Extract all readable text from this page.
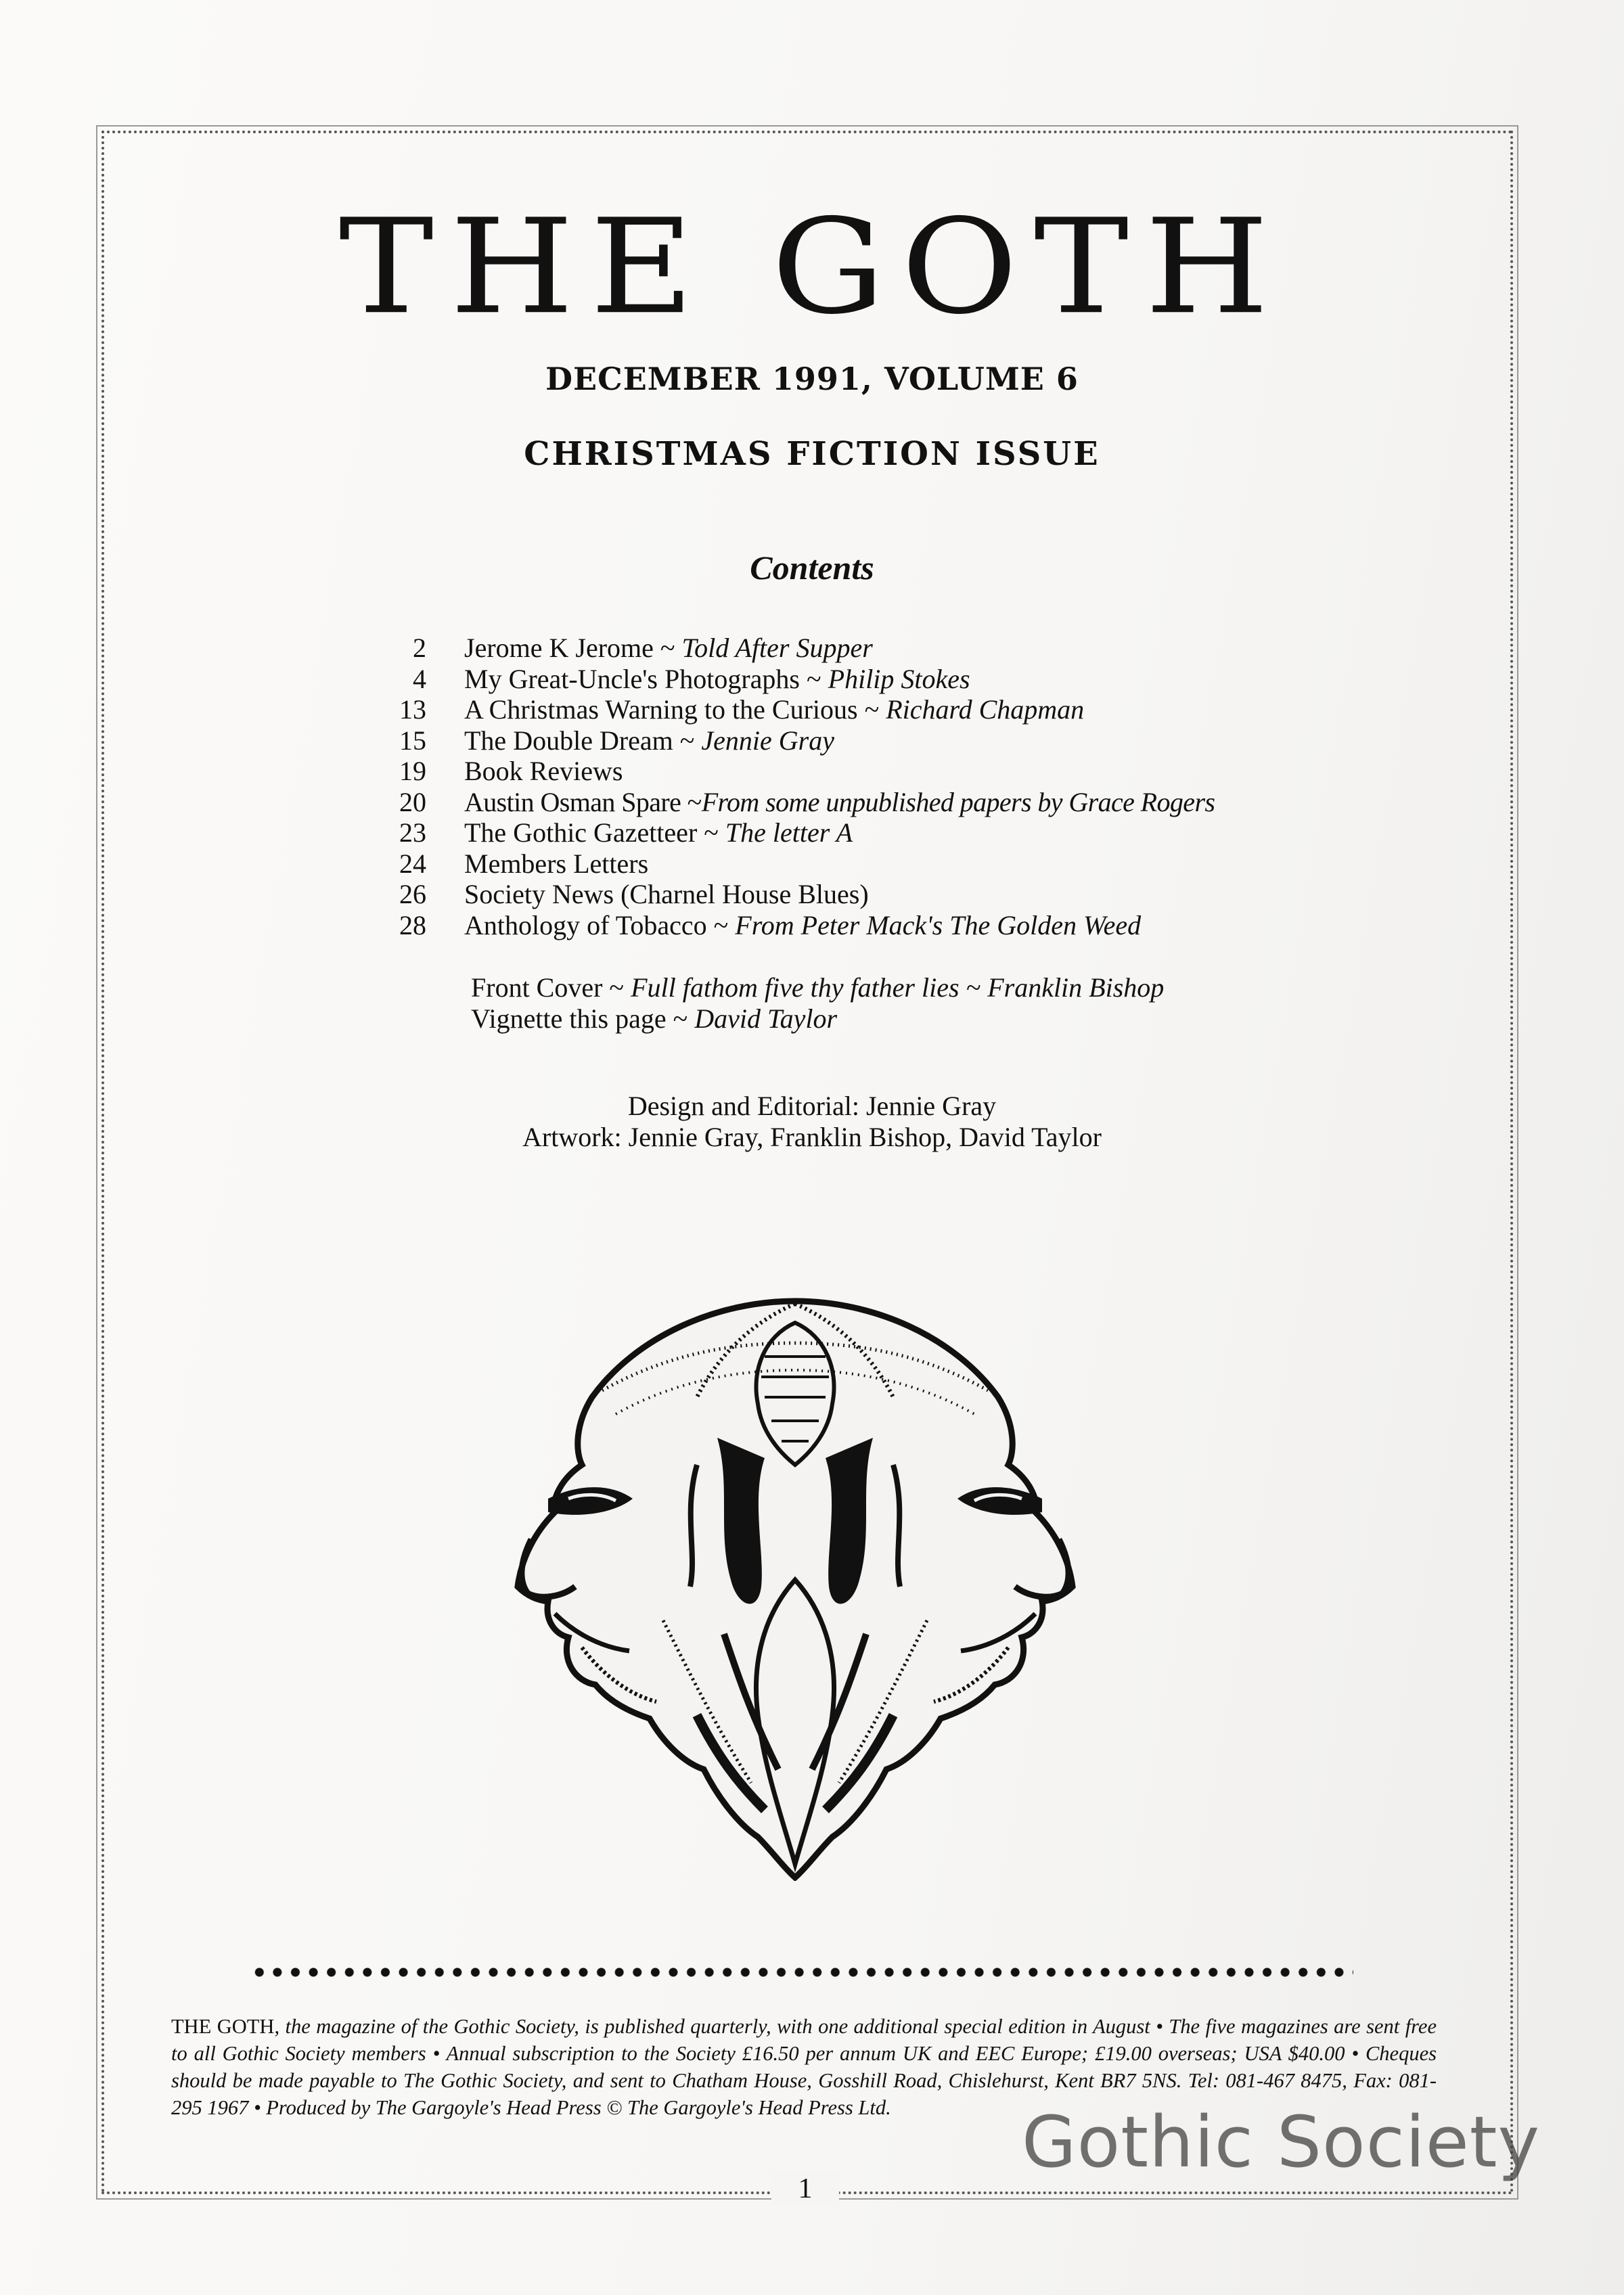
THE GOTH
DECEMBER 1991, VOLUME 6
CHRISTMAS FICTION ISSUE
Contents
2 Jerome K Jerome ~ Told After Supper
4 My Great-Uncle's Photographs ~ Philip Stokes
13 A Christmas Warning to the Curious ~ Richard Chapman
15 The Double Dream ~ Jennie Gray
19 Book Reviews
20 Austin Osman Spare ~From some unpublished papers by Grace Rogers
23 The Gothic Gazetteer ~ The letter A
24 Members Letters
26 Society News (Charnel House Blues)
28 Anthology of Tobacco ~ From Peter Mack's The Golden Weed
Front Cover ~ Full fathom five thy father lies ~ Franklin Bishop
Vignette this page ~ David Taylor
Design and Editorial: Jennie Gray
Artwork: Jennie Gray, Franklin Bishop, David Taylor
THE GOTH, the magazine of the Gothic Society, is published quarterly, with one additional special edition in August • The five magazines are sent free to all Gothic Society members • Annual subscription to the Society £16.50 per annum UK and EEC Europe; £19.00 overseas; USA $40.00 • Cheques should be made payable to The Gothic Society, and sent to Chatham House, Gosshill Road, Chislehurst, Kent BR7 5NS. Tel: 081-467 8475, Fax: 081-295 1967 • Produced by The Gargoyle's Head Press © The Gargoyle's Head Press Ltd.
1
Gothic Society
